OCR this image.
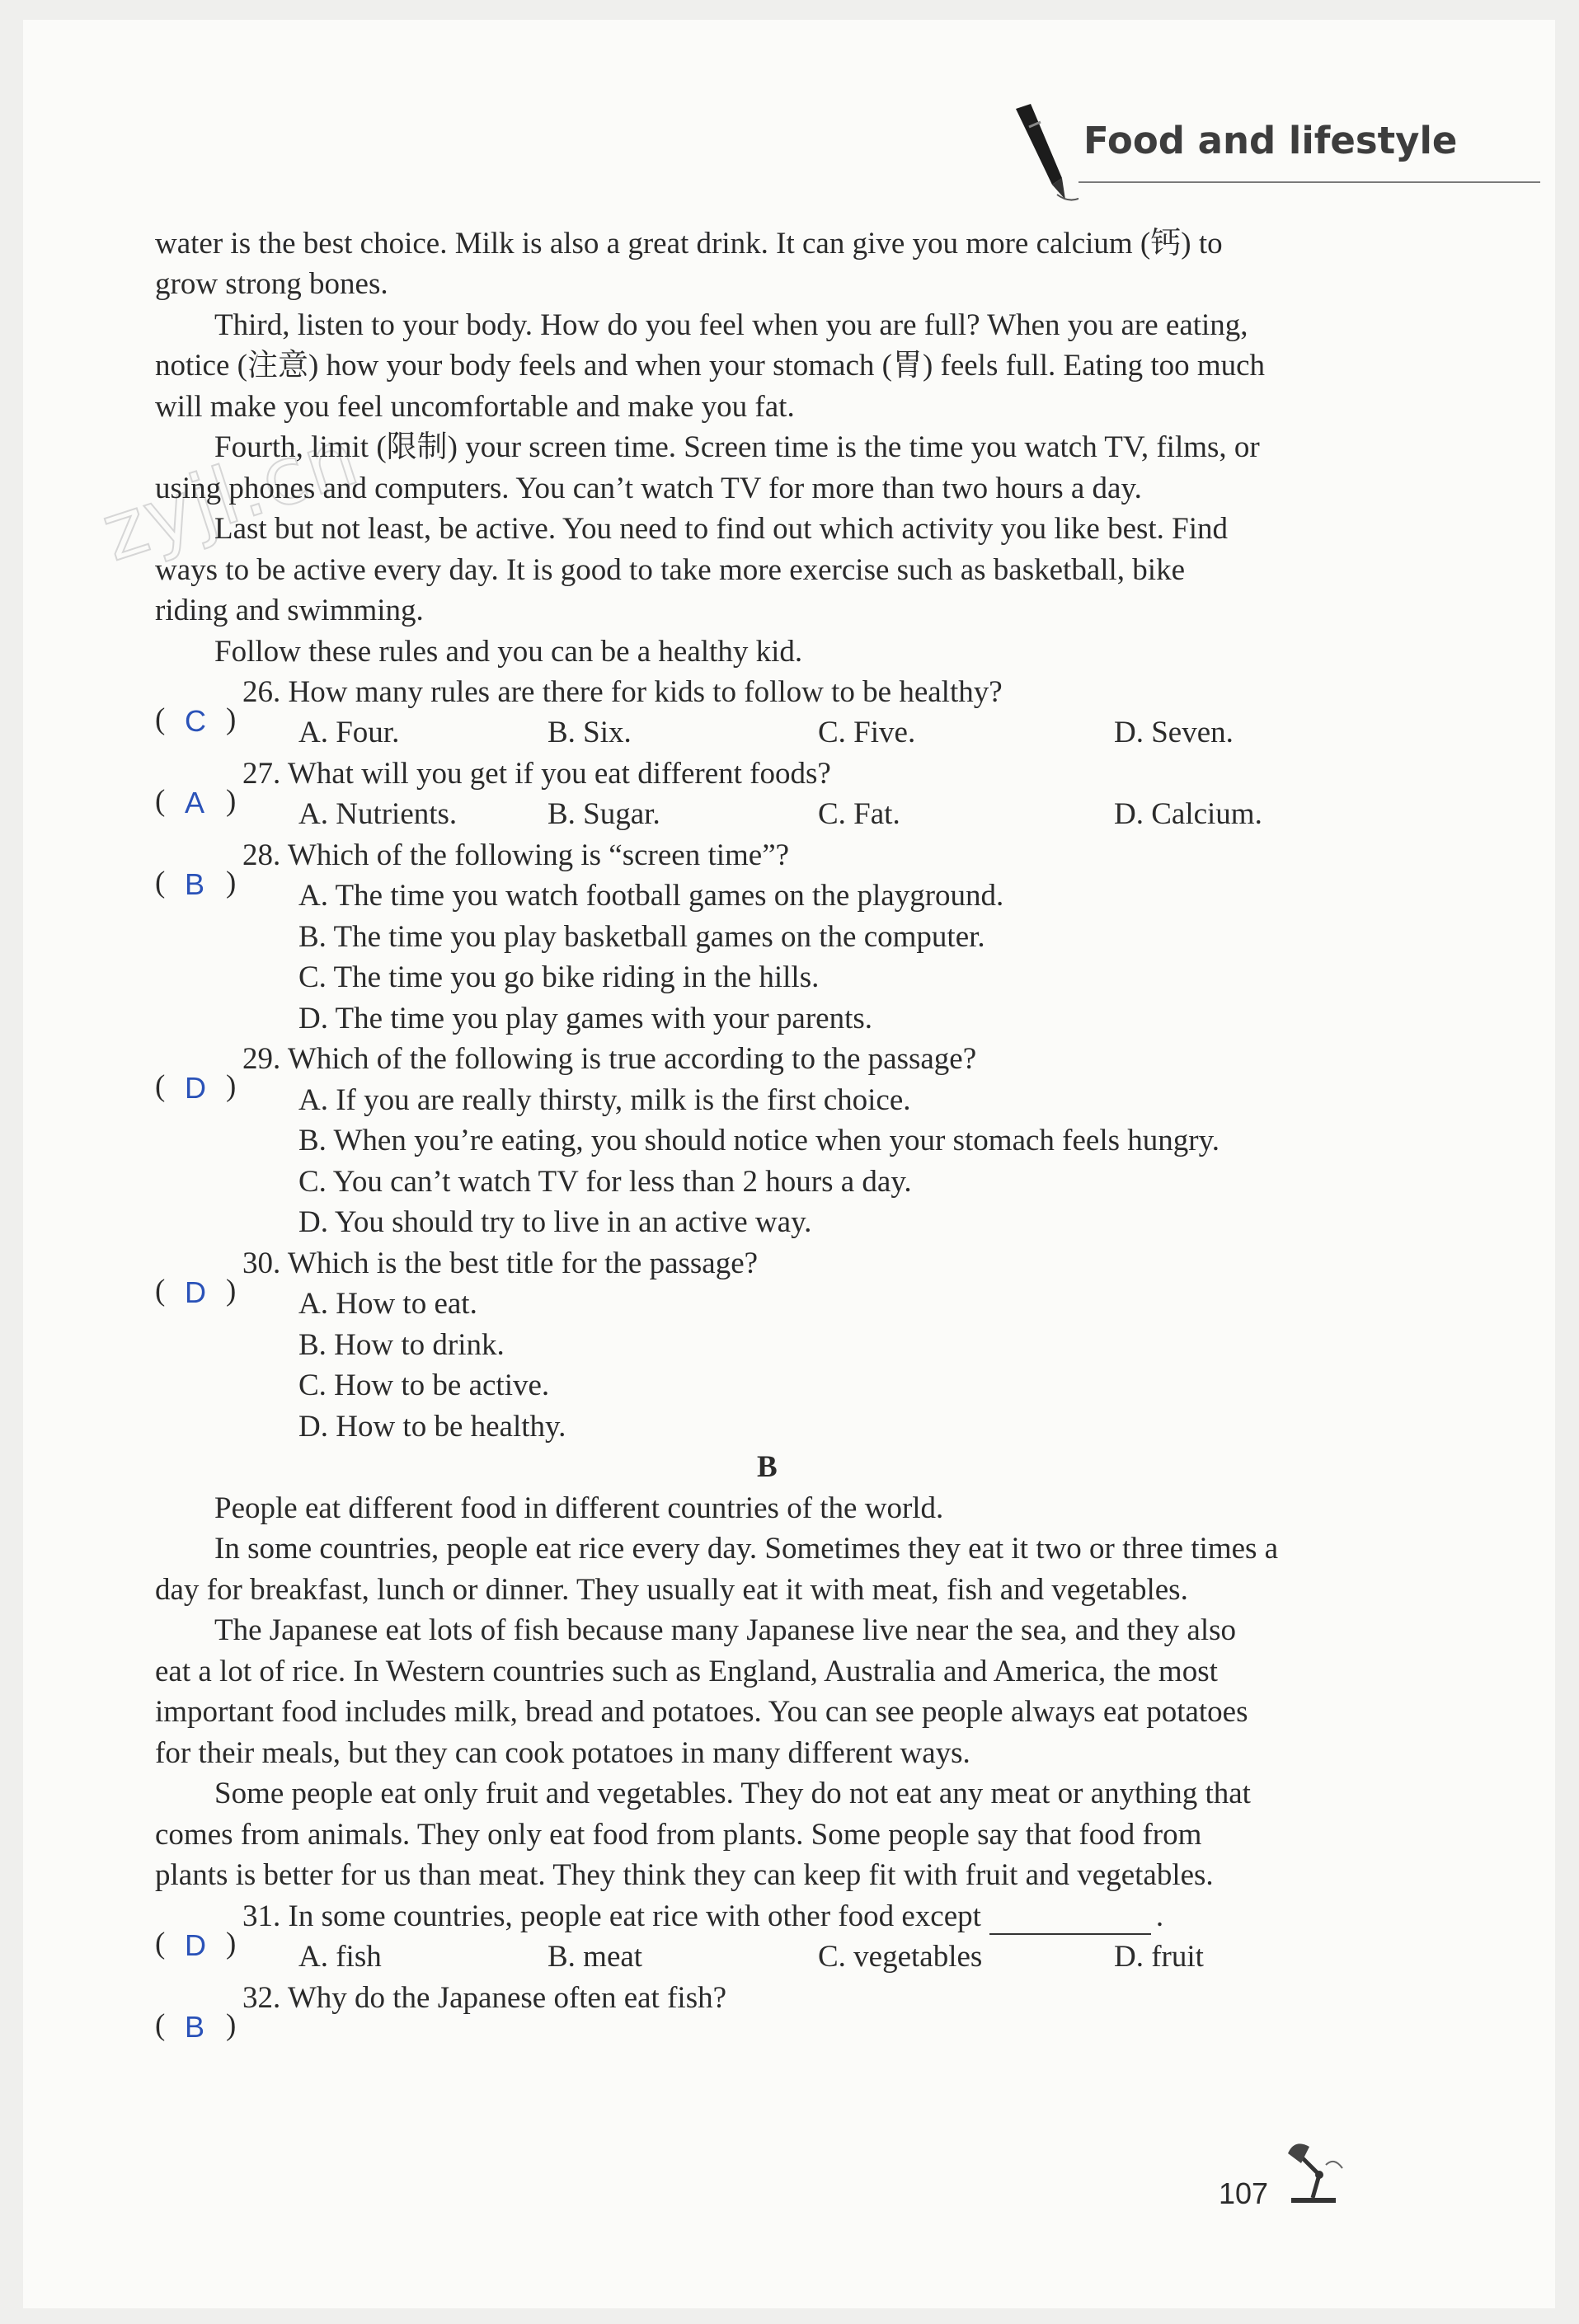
Food and lifestyle
zyjl.cn
water is the best choice. Milk is also a great drink. It can give you more calcium (钙) to
grow strong bones.
Third, listen to your body. How do you feel when you are full? When you are eating,
notice (注意) how your body feels and when your stomach (胃) feels full. Eating too much
will make you feel uncomfortable and make you fat.
Fourth, limit (限制) your screen time. Screen time is the time you watch TV, films, or
using phones and computers. You can’t watch TV for more than two hours a day.
Last but not least, be active. You need to find out which activity you like best. Find
ways to be active every day. It is good to take more exercise such as basketball, bike
riding and swimming.
Follow these rules and you can be a healthy kid.
( C )
26. How many rules are there for kids to follow to be healthy?
A. Four.	B. Six.	C. Five.	D. Seven.
( A )
27. What will you get if you eat different foods?
A. Nutrients.	B. Sugar.	C. Fat.	D. Calcium.
( B )
28. Which of the following is “screen time”?
A. The time you watch football games on the playground.
B. The time you play basketball games on the computer.
C. The time you go bike riding in the hills.
D. The time you play games with your parents.
( D )
29. Which of the following is true according to the passage?
A. If you are really thirsty, milk is the first choice.
B. When you’re eating, you should notice when your stomach feels hungry.
C. You can’t watch TV for less than 2 hours a day.
D. You should try to live in an active way.
( D )
30. Which is the best title for the passage?
A. How to eat.
B. How to drink.
C. How to be active.
D. How to be healthy.
B
People eat different food in different countries of the world.
In some countries, people eat rice every day. Sometimes they eat it two or three times a
day for breakfast, lunch or dinner. They usually eat it with meat, fish and vegetables.
The Japanese eat lots of fish because many Japanese live near the sea, and they also
eat a lot of rice. In Western countries such as England, Australia and America, the most
important food includes milk, bread and potatoes. You can see people always eat potatoes
for their meals, but they can cook potatoes in many different ways.
Some people eat only fruit and vegetables. They do not eat any meat or anything that
comes from animals. They only eat food from plants. Some people say that food from
plants is better for us than meat. They think they can keep fit with fruit and vegetables.
( D )
31. In some countries, people eat rice with other food except	.
A. fish	B. meat	C. vegetables	D. fruit
( B )
32. Why do the Japanese often eat fish?
107
